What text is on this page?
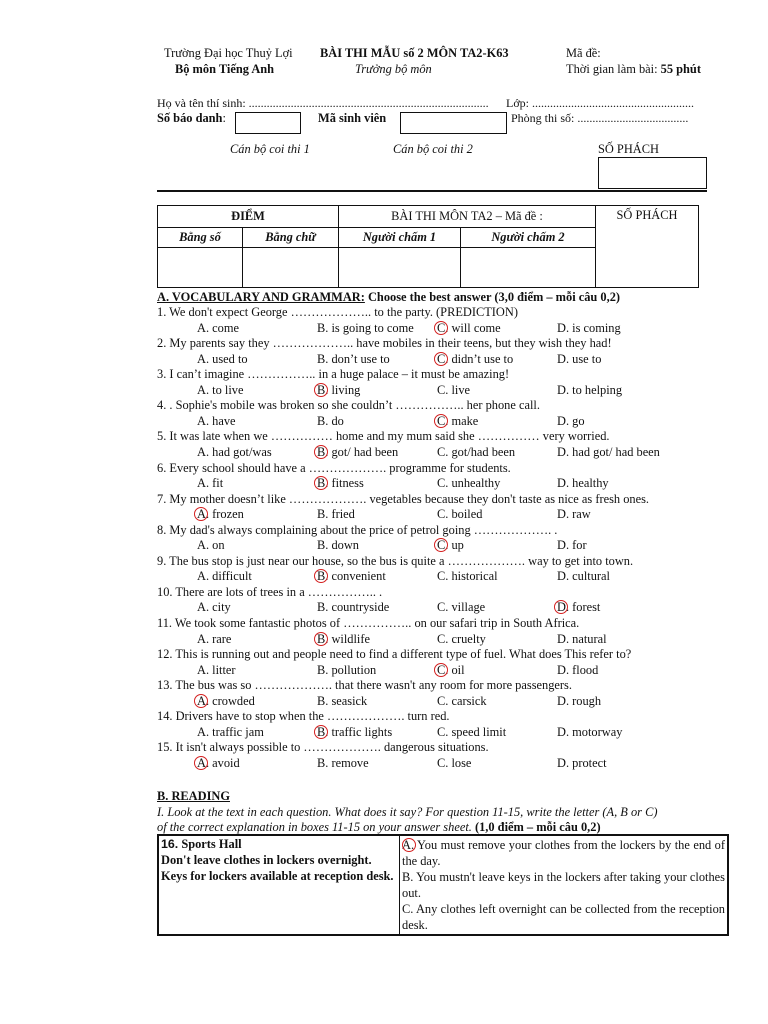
Trường Đại học Thuỷ Lợi
Bộ môn Tiếng Anh
BÀI THI MẪU số 2 MÔN TA2-K63
Trưởng bộ môn
Mã đề:
Thời gian làm bài: 55 phút
Họ và tên thí sinh: ................................................................................ Lớp: ......................................................
Số báo danh:	Mã sinh viên	Phòng thi số: .....................................
Cán bộ coi thi 1	Cán bộ coi thi 2	SỐ PHÁCH
ĐIỂM		BÀI THI MÔN TA2 – Mã đề :		SỐ PHÁCH
Bằng số	Bằng chữ	Người chấm 1	Người chấm 2	

A. VOCABULARY AND GRAMMAR: Choose the best answer (3,0 điểm – mỗi câu 0,2)
1. We don't expect George ……………….. to the party. (PREDICTION)
A. come	B. is going to come C. will come	D. is coming
2. My parents say they ……………….. have mobiles in their teens, but they wish they had!
A. used to	B. don’t use to	C. didn’t use to	D. use to
3. I can’t imagine …………….. in a huge palace – it must be amazing!
A. to live	B. living	C. live	D. to helping
4. . Sophie's mobile was broken so she couldn’t …………….. her phone call.
A. have	B. do	C. make	D. go
5. It was late when we …………… home and my mum said she …………… very worried.
A. had got/was	B. got/ had been	C. got/had been	D. had got/ had been
6. Every school should have a ………………. programme for students.
A. fit	B. fitness	C. unhealthy	D. healthy
7. My mother doesn’t like ………………. vegetables because they don't taste as nice as fresh ones.
A. frozen	B. fried	C. boiled	D. raw
8. My dad's always complaining about the price of petrol going ………………. .
A. on	B. down	C. up	D. for
9. The bus stop is just near our house, so the bus is quite a ………………. way to get into town.
A. difficult	B. convenient	C. historical	D. cultural
10. There are lots of trees in a …………….. .
A. city	B. countryside	C. village	D. forest
11. We took some fantastic photos of …………….. on our safari trip in South Africa.
A. rare	B. wildlife	C. cruelty	D. natural
12. This is running out and people need to find a different type of fuel. What does This refer to?
A. litter	B. pollution	C. oil	D. flood
13. The bus was so ………………. that there wasn't any room for more passengers.
A. crowded	B. seasick	C. carsick	D. rough
14. Drivers have to stop when the ………………. turn red.
A. traffic jam	B. traffic lights	C. speed limit	D. motorway
15. It isn't always possible to ………………. dangerous situations.
A. avoid	B. remove	C. lose	D. protect
B. READING
I. Look at the text in each question. What does it say? For question 11-15, write the letter (A, B or C)
of the correct explanation in boxes 11-15 on your answer sheet. (1,0 điểm – mỗi câu 0,2)
16. Sports Hall
Don't leave clothes in lockers overnight. Keys for lockers available at reception desk.

A. You must remove your clothes from the lockers by the end of the day.
B. You mustn't leave keys in the lockers after taking your clothes out.
C. Any clothes left overnight can be collected from the reception desk.
